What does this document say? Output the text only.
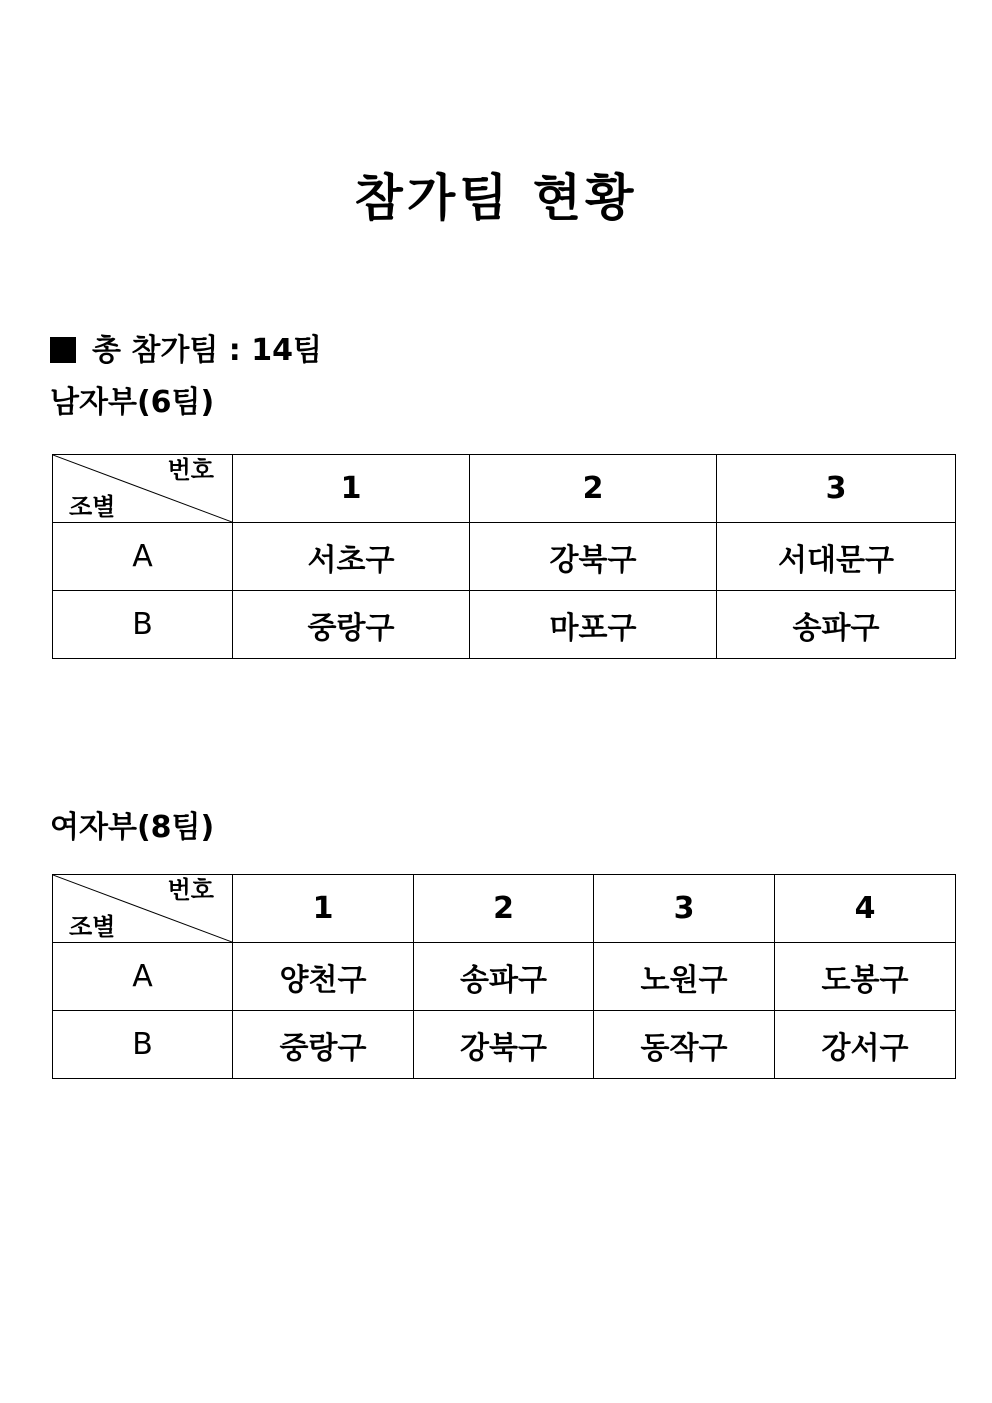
참가팀 현황
총 참가팀 : 14팀
남자부(6팀)
번호
조별	1	2	3
A	서초구	강북구	서대문구
B	중랑구	마포구	송파구
여자부(8팀)
번호
조별	1	2	3	4
A	양천구	송파구	노원구	도봉구
B	중랑구	강북구	동작구	강서구
